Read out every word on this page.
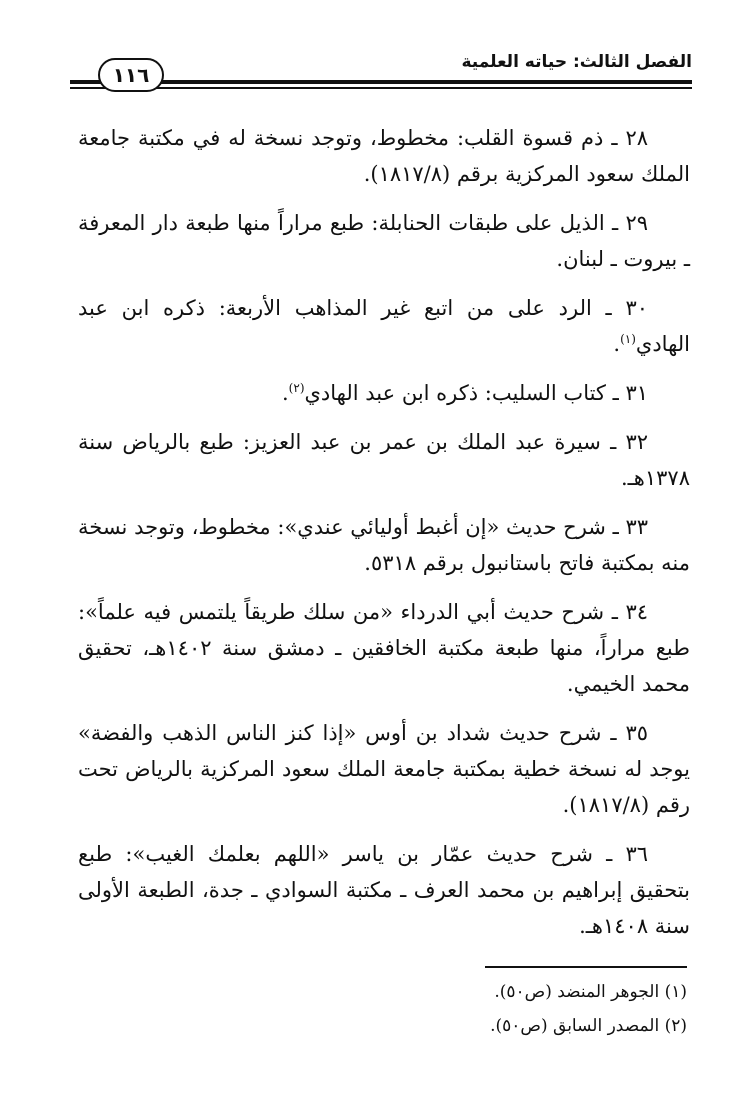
الفصل الثالث: حياته العلمية
١١٦

٢٨ ـ ذم قسوة القلب: مخطوط، وتوجد نسخة له في مكتبة جامعة الملك سعود المركزية برقم (١٨١٧/٨).

٢٩ ـ الذيل على طبقات الحنابلة: طبع مراراً منها طبعة دار المعرفة ـ بيروت ـ لبنان.

٣٠ ـ الرد على من اتبع غير المذاهب الأربعة: ذكره ابن عبد الهادي$^{(١)}$.

٣١ ـ كتاب السليب: ذكره ابن عبد الهادي$^{(٢)}$.

٣٢ ـ سيرة عبد الملك بن عمر بن عبد العزيز: طبع بالرياض سنة ١٣٧٨هـ.

٣٣ ـ شرح حديث «إن أغبط أوليائي عندي»: مخطوط، وتوجد نسخة منه بمكتبة فاتح باستانبول برقم ٥٣١٨.

٣٤ ـ شرح حديث أبي الدرداء «من سلك طريقاً يلتمس فيه علماً»: طبع مراراً، منها طبعة مكتبة الخافقين ـ دمشق سنة ١٤٠٢هـ، تحقيق محمد الخيمي.

٣٥ ـ شرح حديث شداد بن أوس «إذا كنز الناس الذهب والفضة» يوجد له نسخة خطية بمكتبة جامعة الملك سعود المركزية بالرياض تحت رقم (١٨١٧/٨).

٣٦ ـ شرح حديث عمّار بن ياسر «اللهم بعلمك الغيب»: طبع بتحقيق إبراهيم بن محمد العرف ـ مكتبة السوادي ـ جدة، الطبعة الأولى سنة ١٤٠٨هـ.

(١) الجوهر المنضد (ص٥٠).

(٢) المصدر السابق (ص٥٠).
